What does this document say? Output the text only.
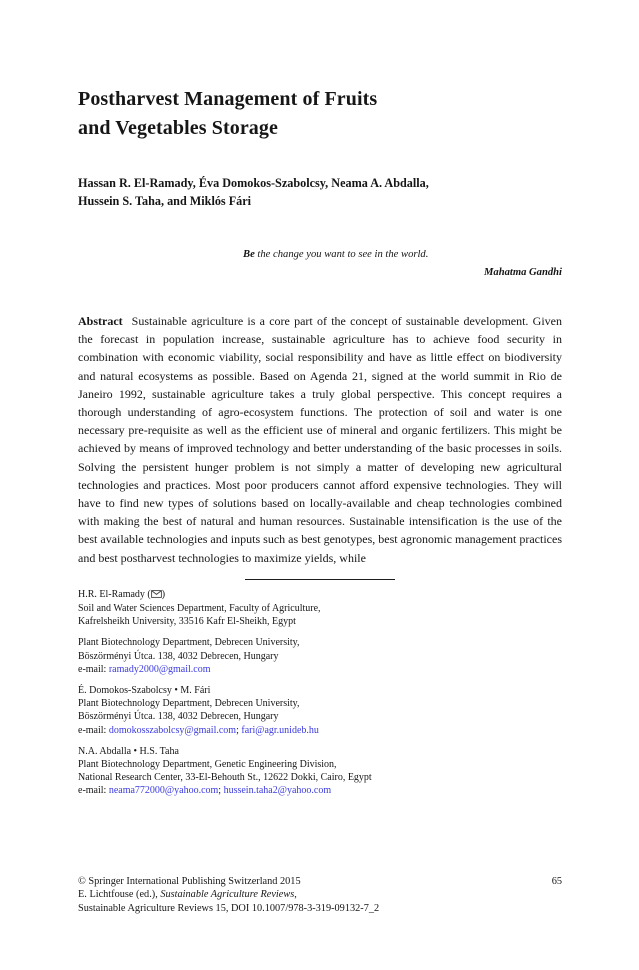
Postharvest Management of Fruits
and Vegetables Storage
Hassan R. El-Ramady, Éva Domokos-Szabolcsy, Neama A. Abdalla,
Hussein S. Taha, and Miklós Fári
Be the change you want to see in the world.
Mahatma Gandhi

Abstract Sustainable agriculture is a core part of the concept of sustainable development. Given the forecast in population increase, sustainable agriculture has to achieve food security in combination with economic viability, social responsibility and have as little effect on biodiversity and natural ecosystems as possible. Based on Agenda 21, signed at the world summit in Rio de Janeiro 1992, sustainable agriculture takes a truly global perspective. This concept requires a thorough understanding of agro-ecosystem functions. The protection of soil and water is one necessary pre-requisite as well as the efficient use of mineral and organic fertilizers. This might be achieved by means of improved technology and better understanding of the basic processes in soils. Solving the persistent hunger problem is not simply a matter of developing new agricultural technologies and practices. Most poor producers cannot afford expensive technologies. They will have to find new types of solutions based on locally-available and cheap technologies combined with making the best of natural and human resources. Sustainable intensification is the use of the best available technologies and inputs such as best genotypes, best agronomic management practices and best postharvest technologies to maximize yields, while

H.R. El-Ramady ( )
Soil and Water Sciences Department, Faculty of Agriculture,
Kafrelsheikh University, 33516 Kafr El-Sheikh, Egypt
Plant Biotechnology Department, Debrecen University,
Böszörményi Útca. 138, 4032 Debrecen, Hungary
e-mail: ramady2000@gmail.com
É. Domokos-Szabolcsy • M. Fári
Plant Biotechnology Department, Debrecen University,
Böszörményi Útca. 138, 4032 Debrecen, Hungary
e-mail: domokosszabolcsy@gmail.com; fari@agr.unideb.hu
N.A. Abdalla • H.S. Taha
Plant Biotechnology Department, Genetic Engineering Division,
National Research Center, 33-El-Behouth St., 12622 Dokki, Cairo, Egypt
e-mail: neama772000@yahoo.com; hussein.taha2@yahoo.com
© Springer International Publishing Switzerland 2015	65
E. Lichtfouse (ed.), Sustainable Agriculture Reviews,
Sustainable Agriculture Reviews 15, DOI 10.1007/978-3-319-09132-7_2
